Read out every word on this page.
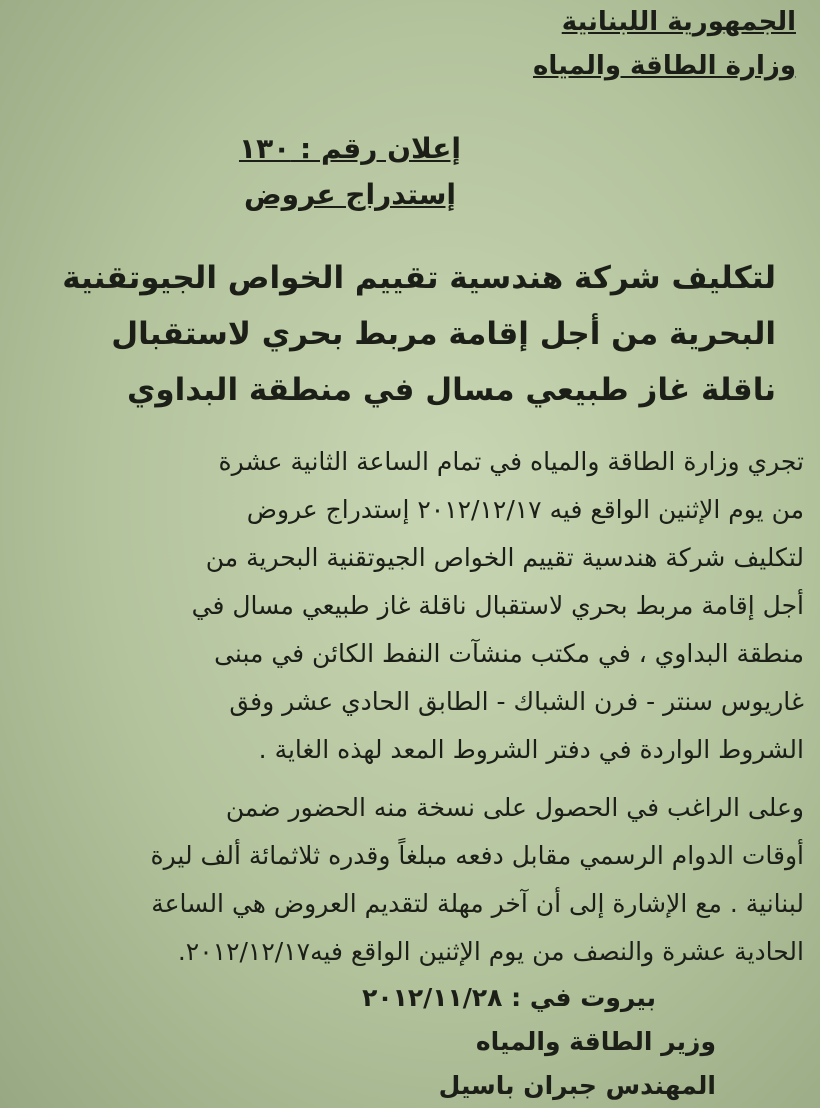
الجمهورية اللبنانية
وزارة الطاقة والمياه
إعلان رقم : ١٣٠
إستدراج عروض
لتكليف شركة هندسية تقييم الخواص الجيوتقنية
البحرية من أجل إقامة مربط بحري لاستقبال
ناقلة غاز طبيعي مسال في منطقة البداوي
تجري وزارة الطاقة والمياه في تمام الساعة الثانية عشرة
من يوم الإثنين الواقع فيه ٢٠١٢/١٢/١٧ إستدراج عروض
لتكليف شركة هندسية تقييم الخواص الجيوتقنية البحرية من
أجل إقامة مربط بحري لاستقبال ناقلة غاز طبيعي مسال في
منطقة البداوي ، في مكتب منشآت النفط الكائن في مبنى
غاريوس سنتر - فرن الشباك - الطابق الحادي عشر وفق
الشروط الواردة في دفتر الشروط المعد لهذه الغاية .
وعلى الراغب في الحصول على نسخة منه الحضور ضمن
أوقات الدوام الرسمي مقابل دفعه مبلغاً وقدره ثلاثمائة ألف ليرة
لبنانية . مع الإشارة إلى أن آخر مهلة لتقديم العروض هي الساعة
الحادية عشرة والنصف من يوم الإثنين الواقع فيه٢٠١٢/١٢/١٧.
بيروت في : ٢٠١٢/١١/٢٨
وزير الطاقة والمياه
المهندس جبران باسيل
